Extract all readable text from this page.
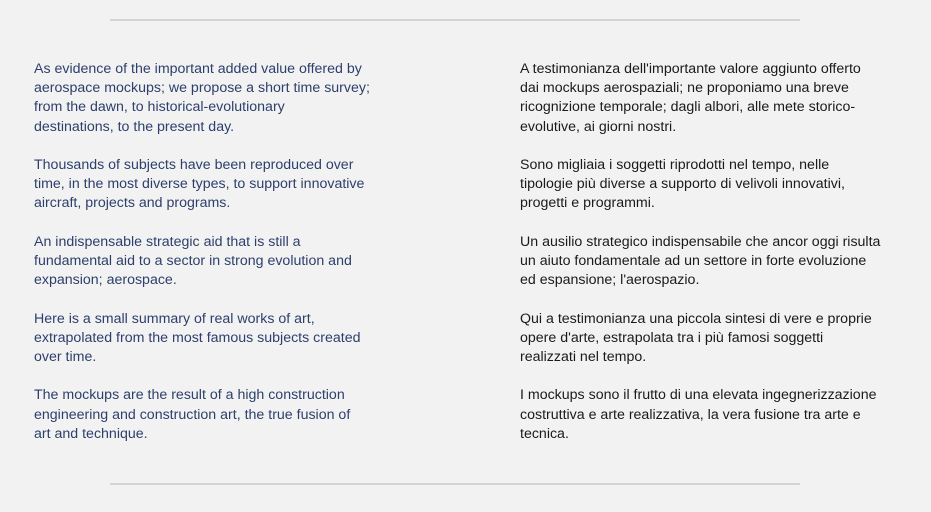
As evidence of the important added value offered by
aerospace mockups; we propose a short time survey;
from the dawn, to historical-evolutionary
destinations, to the present day.

Thousands of subjects have been reproduced over
time, in the most diverse types, to support innovative
aircraft, projects and programs.

An indispensable strategic aid that is still a
fundamental aid to a sector in strong evolution and
expansion; aerospace.

Here is a small summary of real works of art,
extrapolated from the most famous subjects created
over time.

The mockups are the result of a high construction
engineering and construction art, the true fusion of
art and technique.

A testimonianza dell'importante valore aggiunto offerto
dai mockups aerospaziali; ne proponiamo una breve
ricognizione temporale; dagli albori, alle mete storico-
evolutive, ai giorni nostri.

Sono migliaia i soggetti riprodotti nel tempo, nelle
tipologie più diverse a supporto di velivoli innovativi,
progetti e programmi.

Un ausilio strategico indispensabile che ancor oggi risulta
un aiuto fondamentale ad un settore in forte evoluzione
ed espansione; l'aerospazio.

Qui a testimonianza una piccola sintesi di vere e proprie
opere d'arte, estrapolata tra i più famosi soggetti
realizzati nel tempo.

I mockups sono il frutto di una elevata ingegnerizzazione
costruttiva e arte realizzativa, la vera fusione tra arte e
tecnica.
